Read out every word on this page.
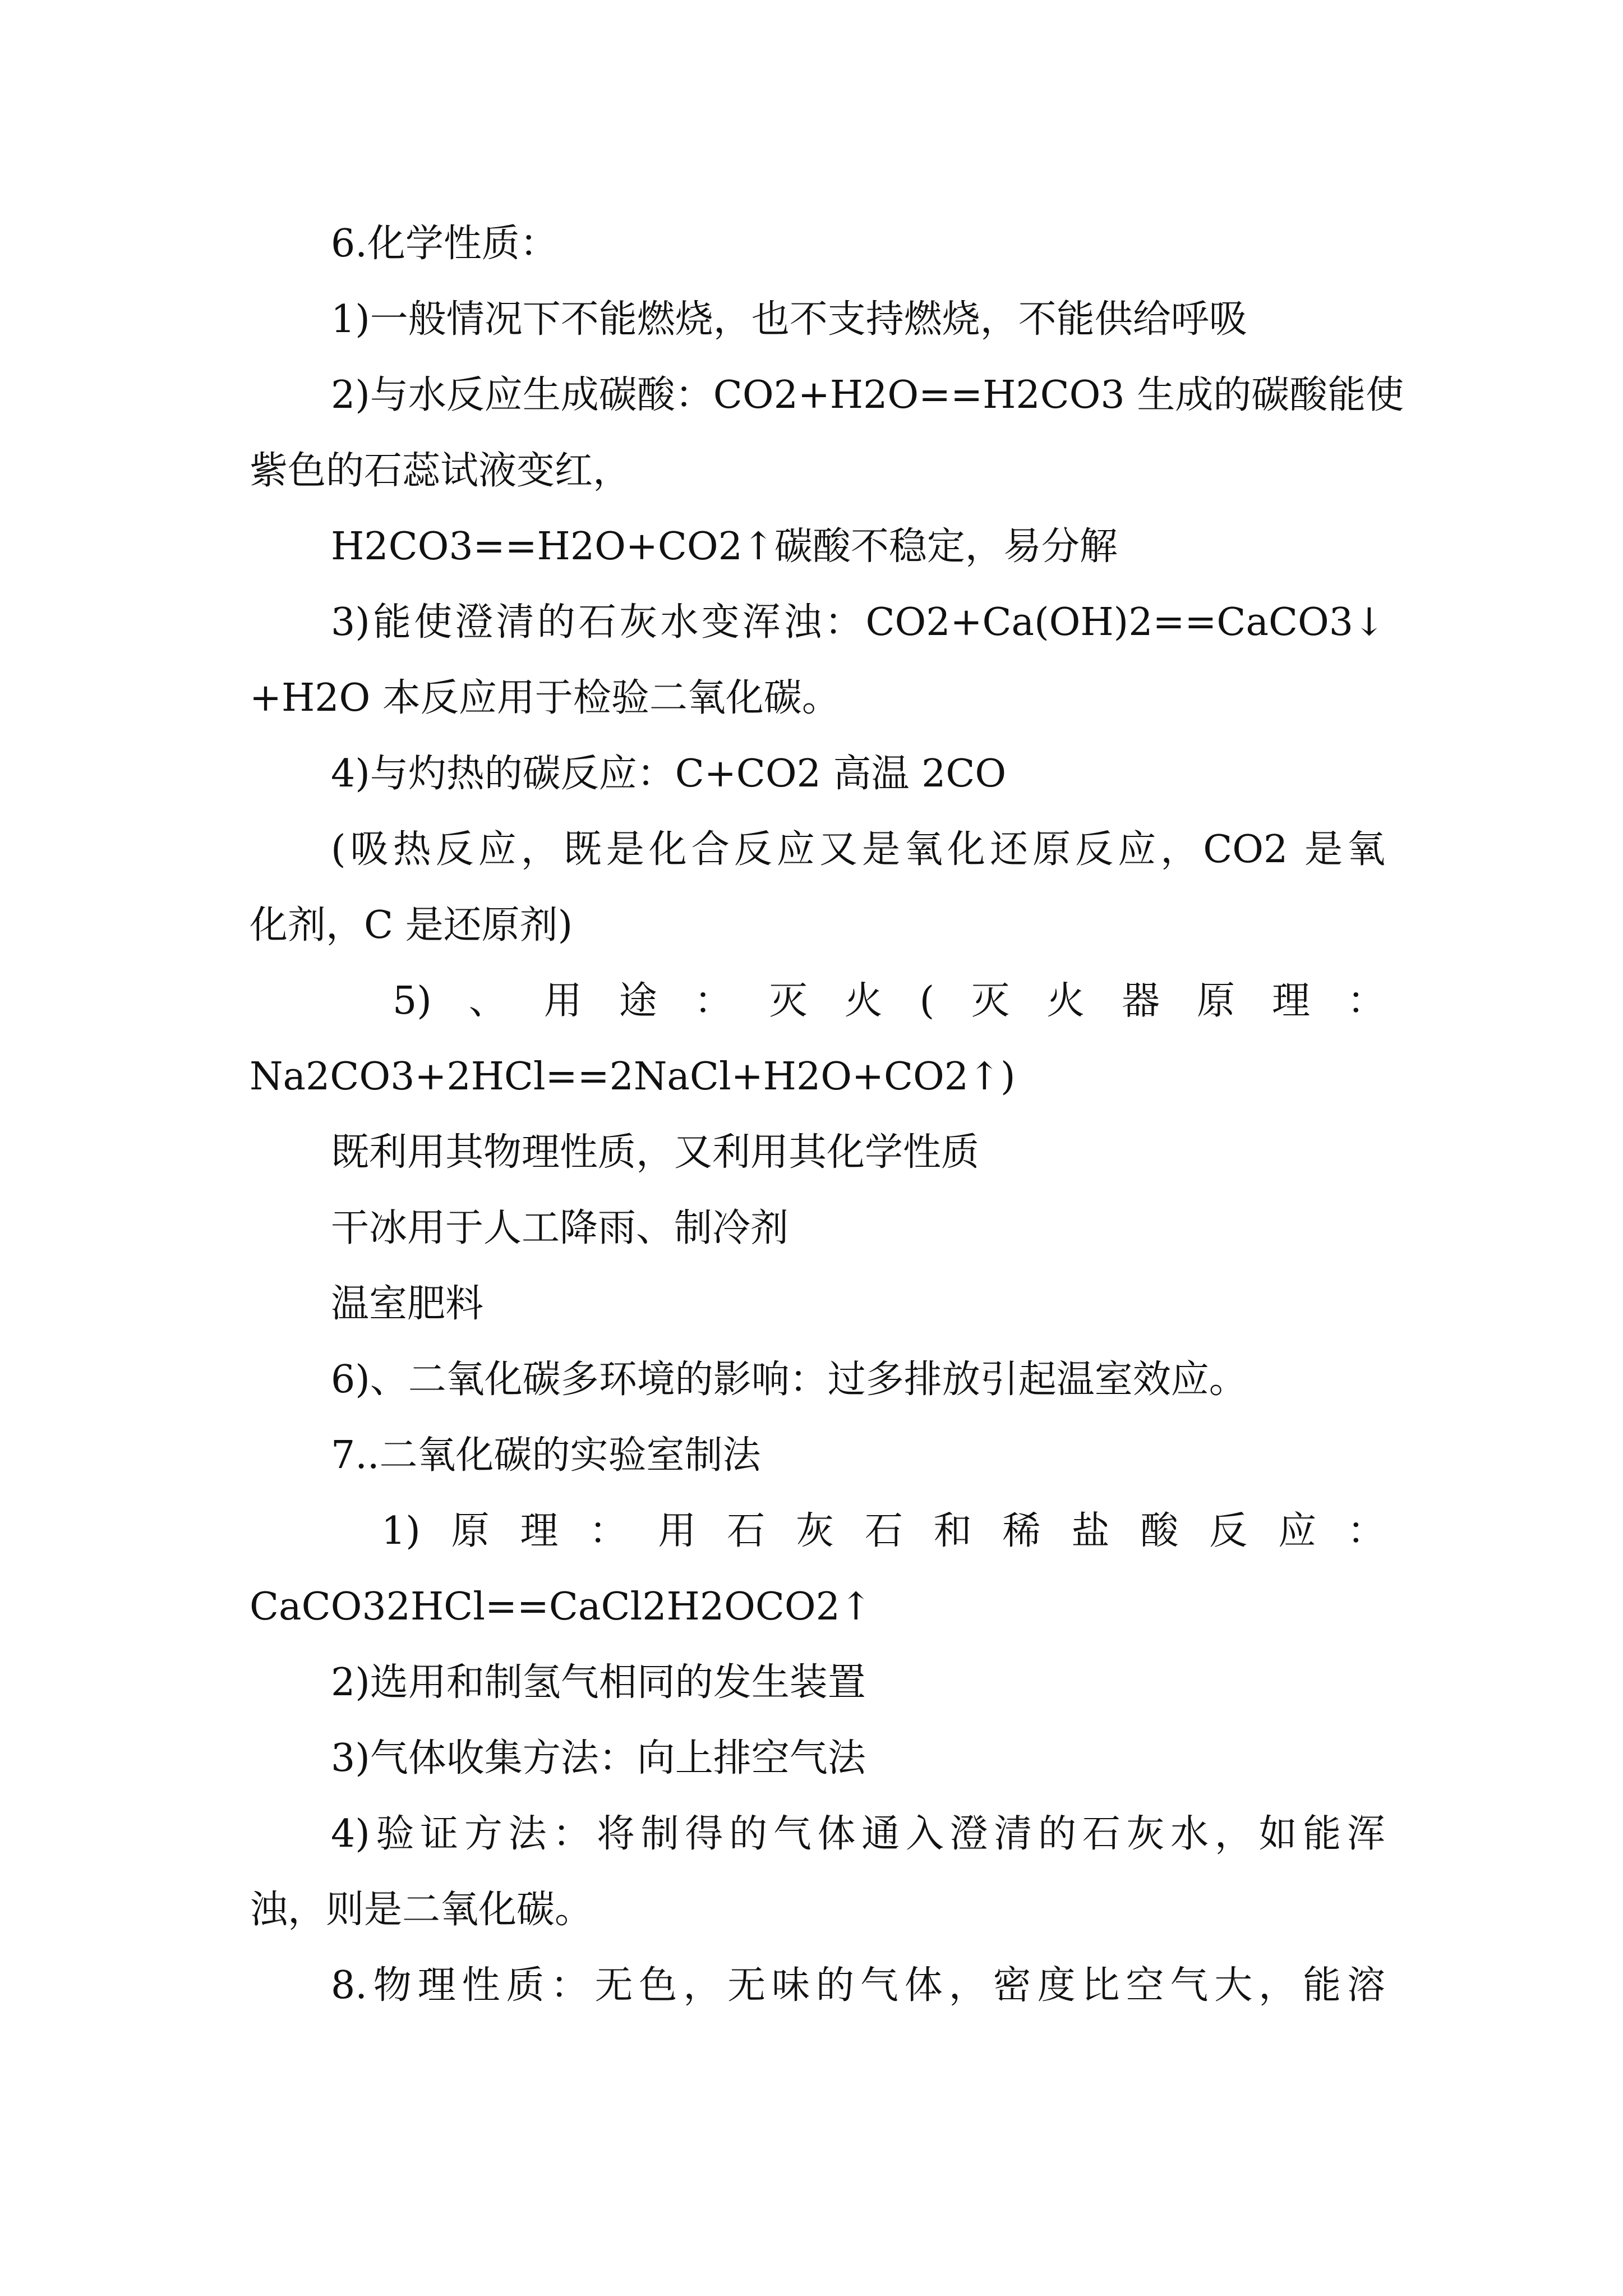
6.化学性质：
1)一般情况下不能燃烧，也不支持燃烧，不能供给呼吸
2)与水反应生成碳酸：CO2+H2O==H2CO3 生成的碳酸能使
紫色的石蕊试液变红，
H2CO3==H2O+CO2↑碳酸不稳定，易分解
3)能使澄清的石灰水变浑浊：CO2+Ca(OH)2==CaCO3↓
+H2O 本反应用于检验二氧化碳。
4)与灼热的碳反应：C+CO2 高温 2CO
(吸热反应，既是化合反应又是氧化还原反应，CO2 是氧
化剂，C 是还原剂)
5)、用途：灭火(灭火器原理：
Na2CO3+2HCl==2NaCl+H2O+CO2↑)
既利用其物理性质，又利用其化学性质
干冰用于人工降雨、制冷剂
温室肥料
6)、二氧化碳多环境的影响：过多排放引起温室效应。
7..二氧化碳的实验室制法
1)原理：用石灰石和稀盐酸反应：
CaCO32HCl==CaCl2H2OCO2↑
2)选用和制氢气相同的发生装置
3)气体收集方法：向上排空气法
4)验证方法：将制得的气体通入澄清的石灰水，如能浑
浊，则是二氧化碳。
8.物理性质：无色，无味的气体，密度比空气大，能溶
